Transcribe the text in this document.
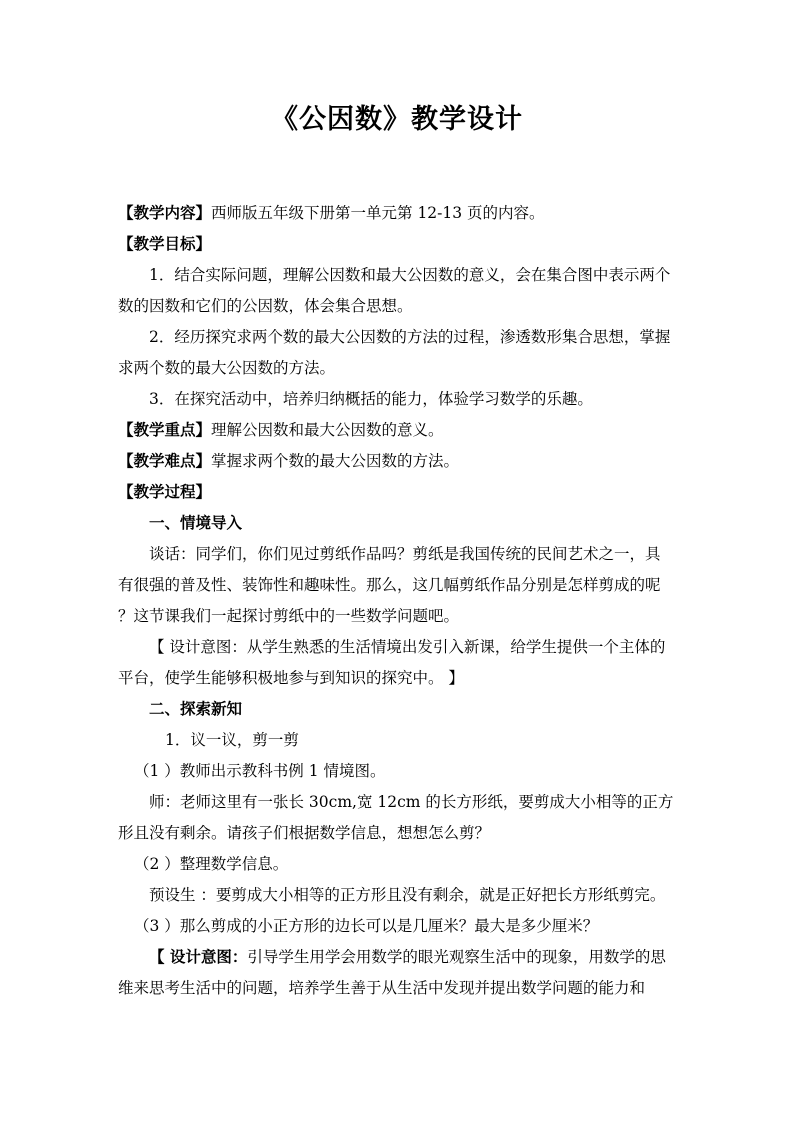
《公因数》教学设计

【教学内容】西师版五年级下册第一单元第 12-13 页的内容。

【教学目标】

1．结合实际问题，理解公因数和最大公因数的意义，会在集合图中表示两个数的因数和它们的公因数，体会集合思想。

2．经历探究求两个数的最大公因数的方法的过程，渗透数形集合思想，掌握求两个数的最大公因数的方法。

3．在探究活动中，培养归纳概括的能力，体验学习数学的乐趣。

【教学重点】理解公因数和最大公因数的意义。

【教学难点】掌握求两个数的最大公因数的方法。

【教学过程】

一、情境导入

谈话：同学们，你们见过剪纸作品吗？剪纸是我国传统的民间艺术之一，具有很强的普及性、装饰性和趣味性。那么，这几幅剪纸作品分别是怎样剪成的呢 ？这节课我们一起探讨剪纸中的一些数学问题吧。

【 设计意图：从学生熟悉的生活情境出发引入新课，给学生提供一个主体的平台，使学生能够积极地参与到知识的探究中。 】

二、探索新知

1．议一议，剪一剪

（1 ）教师出示教科书例 1 情境图。

师：老师这里有一张长 30cm,宽 12cm 的长方形纸，要剪成大小相等的正方形且没有剩余。请孩子们根据数学信息，想想怎么剪？

（2 ）整理数学信息。

预设生 ：要剪成大小相等的正方形且没有剩余，就是正好把长方形纸剪完。

（3 ）那么剪成的小正方形的边长可以是几厘米？最大是多少厘米？

【 设计意图：引导学生用学会用数学的眼光观察生活中的现象，用数学的思维来思考生活中的问题，培养学生善于从生活中发现并提出数学问题的能力和
